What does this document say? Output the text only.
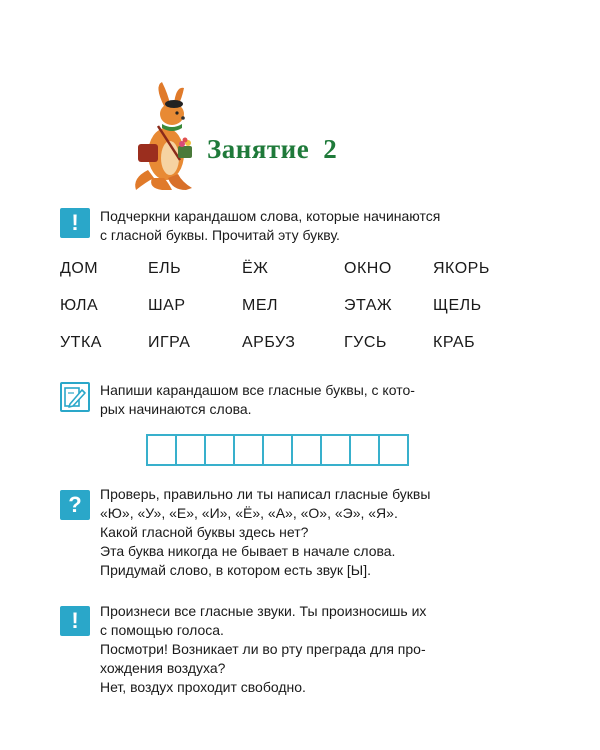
Занятие 2
!	Подчеркни карандашом слова, которые начинаются
с гласной буквы. Прочитай эту букву.
ДОМ	ЕЛЬ	ЁЖ	ОКНО	ЯКОРЬ
ЮЛА	ШАР	МЕЛ	ЭТАЖ	ЩЕЛЬ
УТКА	ИГРА	АРБУЗ	ГУСЬ	КРАБ
Напиши карандашом все гласные буквы, с кото-
рых начинаются слова.
?	Проверь, правильно ли ты написал гласные буквы
«Ю», «У», «Е», «И», «Ё», «А», «О», «Э», «Я».
Какой гласной буквы здесь нет?
Эта буква никогда не бывает в начале слова.
Придумай слово, в котором есть звук [Ы].
!	Произнеси все гласные звуки. Ты произносишь их
с помощью голоса.
Посмотри! Возникает ли во рту преграда для про-
хождения воздуха?
Нет, воздух проходит свободно.
